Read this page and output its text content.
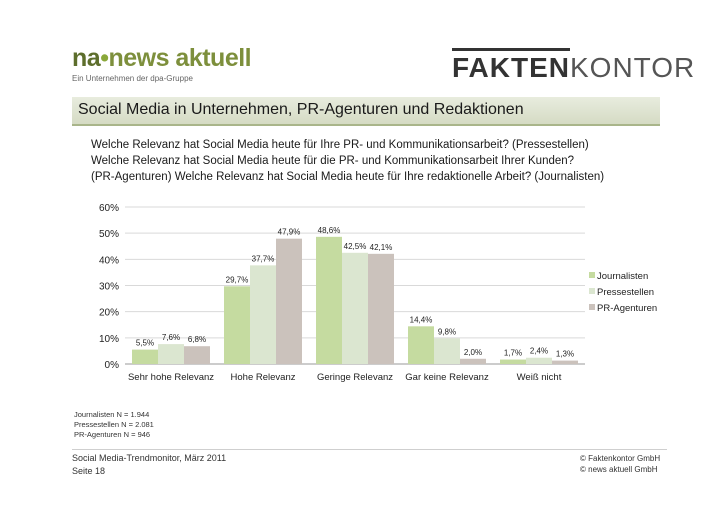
na•news aktuell
Ein Unternehmen der dpa-Gruppe	FAKTENKONTOR
Social Media in Unternehmen, PR-Agenturen und Redaktionen
Welche Relevanz hat Social Media heute für Ihre PR- und Kommunikationsarbeit? (Pressestellen)
Welche Relevanz hat Social Media heute für die PR- und Kommunikationsarbeit Ihrer Kunden?
(PR-Agenturen) Welche Relevanz hat Social Media heute für Ihre redaktionelle Arbeit? (Journalisten)
0%
10%
20%
30%
40%
50%
60%
5,5%
7,6% 6,8%
Sehr hohe Relevanz
29,7%
37,7%
47,9%
Hohe Relevanz
48,6%
42,5% 42,1%
Geringe Relevanz
14,4%
9,8%
2,0%
Gar keine Relevanz
1,7% 2,4% 1,3%
Weiß nicht
Journalisten
Pressestellen
PR-Agenturen
Journalisten N = 1.944
Pressestellen N = 2.081
PR-Agenturen N = 946
Social Media-Trendmonitor, März 2011
Seite 18
© Faktenkontor GmbH
© news aktuell GmbH
